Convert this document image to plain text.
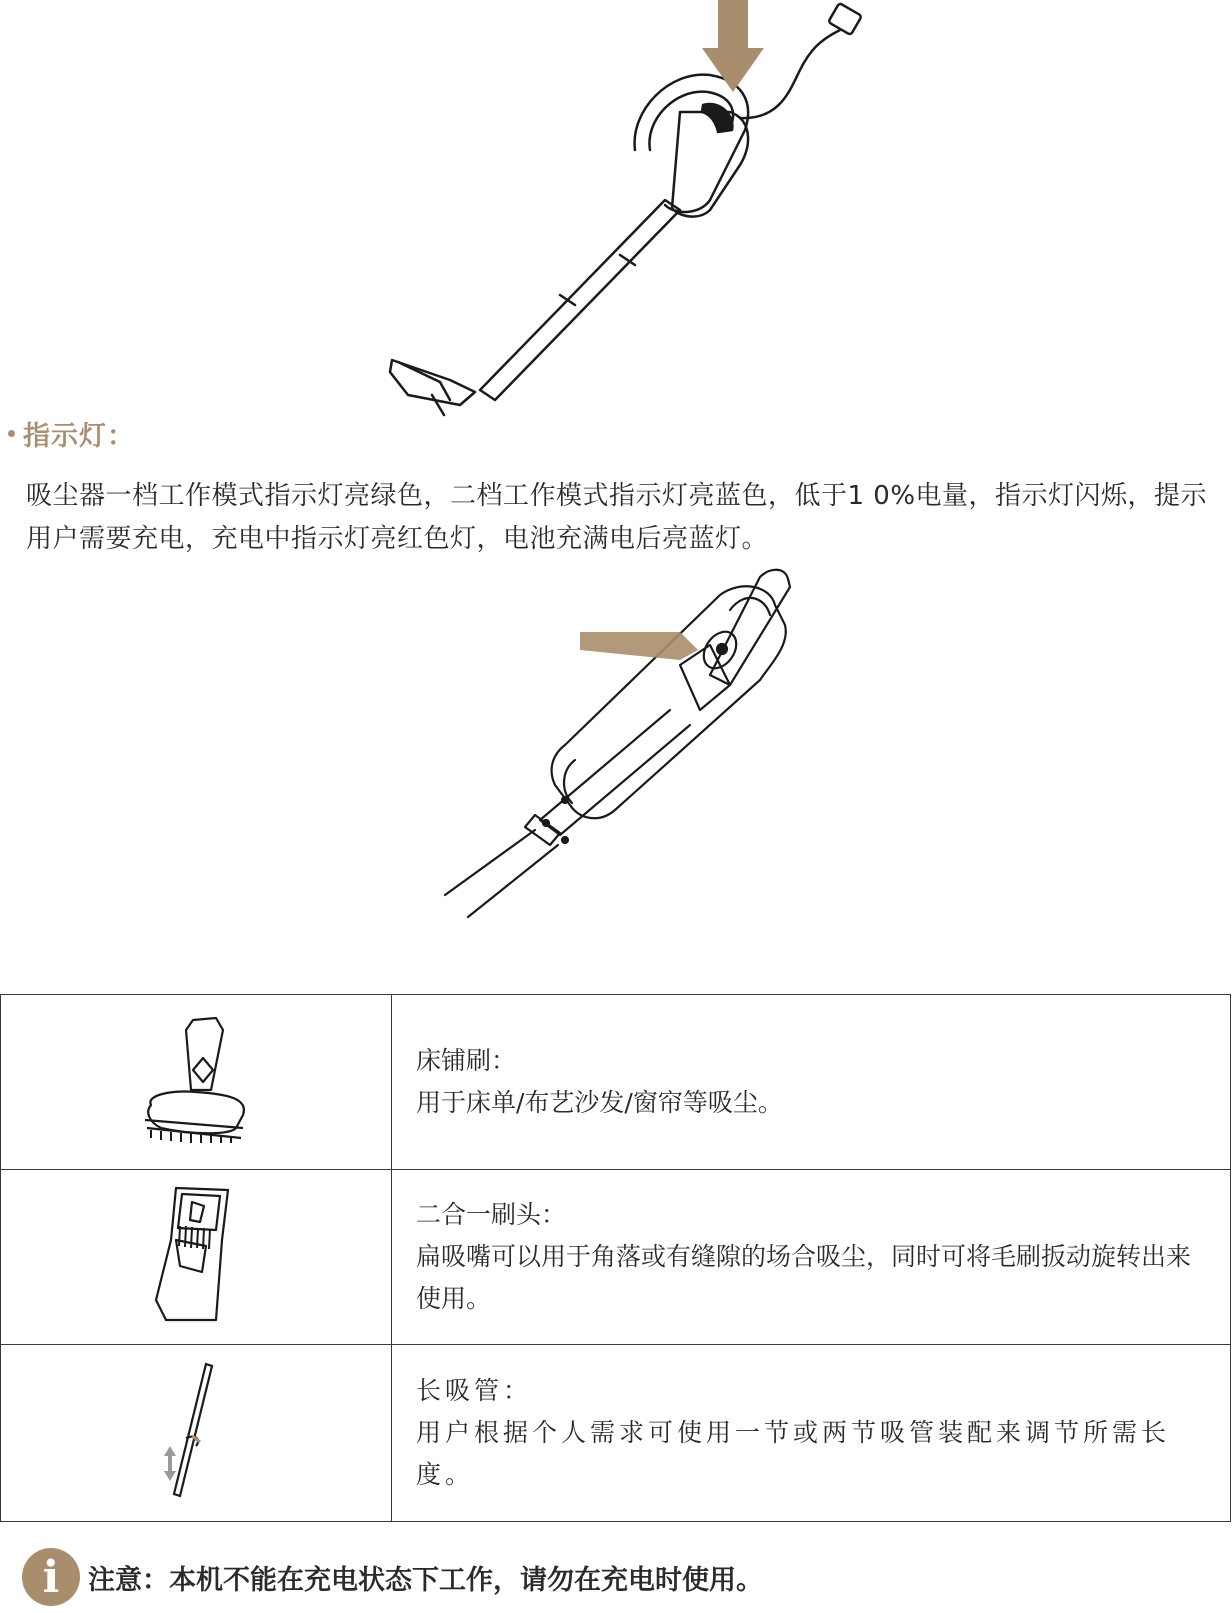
指示灯：
吸尘器一档工作模式指示灯亮绿色，二档工作模式指示灯亮蓝色，低于1 0%电量，指示灯闪烁，提示用户需要充电，充电中指示灯亮红色灯，电池充满电后亮蓝灯。

床铺刷：
用于床单/布艺沙发/窗帘等吸尘。

二合一刷头：
扁吸嘴可以用于角落或有缝隙的场合吸尘，同时可将毛刷扳动旋转出来使用。

长吸管：
用户根据个人需求可使用一节或两节吸管装配来调节所需长度。
i	注意：本机不能在充电状态下工作，请勿在充电时使用。
